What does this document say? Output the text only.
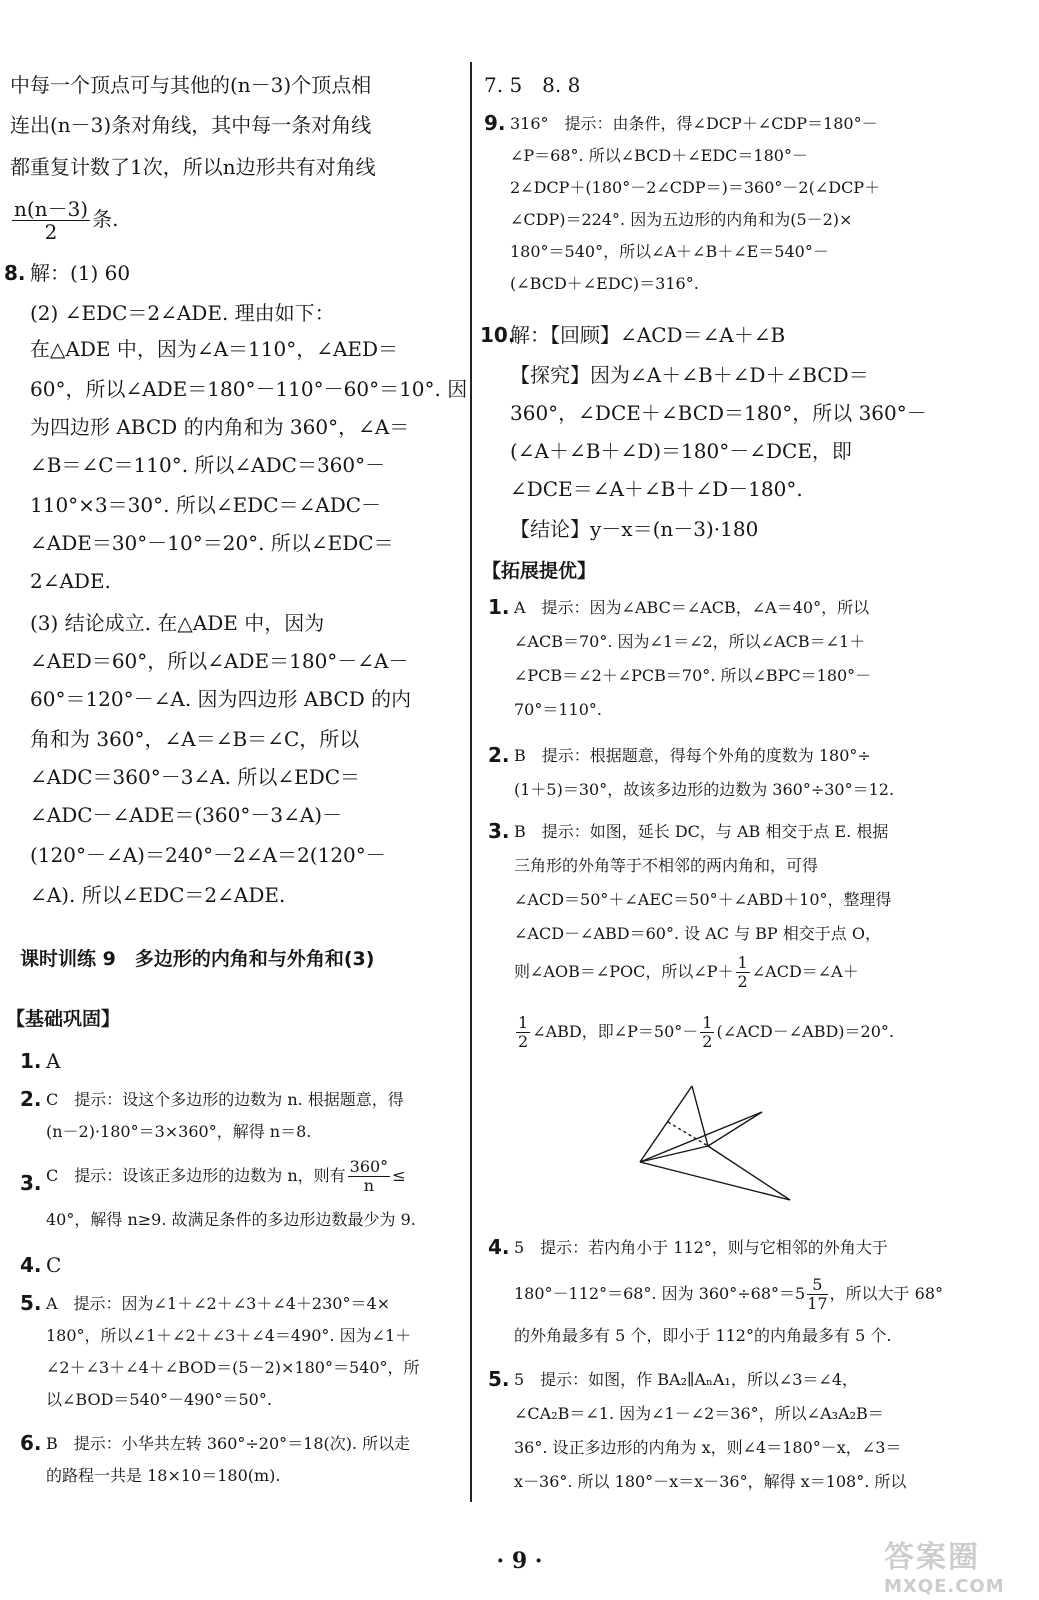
中每一个顶点可与其他的(n－3)个顶点相
连出(n－3)条对角线，其中每一条对角线
都重复计数了1次，所以n边形共有对角线
$\frac{n(n-3)}{2}$ 条.
8. 解：(1) 60
(2) ∠EDC＝2∠ADE. 理由如下：
在△ADE 中，因为∠A＝110°，∠AED＝
60°，所以∠ADE＝180°－110°－60°＝10°. 因
为四边形 ABCD 的内角和为 360°，∠A＝
∠B＝∠C＝110°. 所以∠ADC＝360°－
110°×3＝30°. 所以∠EDC＝∠ADC－
∠ADE＝30°－10°＝20°. 所以∠EDC＝
2∠ADE.
(3) 结论成立. 在△ADE 中，因为
∠AED＝60°，所以∠ADE＝180°－∠A－
60°＝120°－∠A. 因为四边形 ABCD 的内
角和为 360°，∠A＝∠B＝∠C，所以
∠ADC＝360°－3∠A. 所以∠EDC＝
∠ADC－∠ADE＝(360°－3∠A)－
(120°－∠A)＝240°－2∠A＝2(120°－
∠A). 所以∠EDC＝2∠ADE.
课时训练 9　多边形的内角和与外角和(3)
【基础巩固】
1. A
2. C　提示：设这个多边形的边数为 n. 根据题意，得
(n－2)·180°＝3×360°，解得 n＝8.
3. C　提示：设该正多边形的边数为 n，则有 $\frac{360^\circ}{n}$ ≤
40°，解得 n≥9. 故满足条件的多边形边数最少为 9.
4. C
5. A　提示：因为∠1＋∠2＋∠3＋∠4＋230°＝4×
180°，所以∠1＋∠2＋∠3＋∠4＝490°. 因为∠1＋
∠2＋∠3＋∠4＋∠BOD＝(5－2)×180°＝540°，所
以∠BOD＝540°－490°＝50°.
6. B　提示：小华共左转 360°÷20°＝18(次). 所以走
的路程一共是 18×10＝180(m).
7. 5　8. 8
9. 316°　提示：由条件，得∠DCP＋∠CDP＝180°－
∠P＝68°. 所以∠BCD＋∠EDC＝180°－
2∠DCP＋(180°－2∠CDP＝)＝360°－2(∠DCP＋
∠CDP)＝224°. 因为五边形的内角和为(5－2)×
180°＝540°，所以∠A＋∠B＋∠E＝540°－
(∠BCD＋∠EDC)＝316°.
10.
解：【回顾】∠ACD＝∠A＋∠B
【探究】因为∠A＋∠B＋∠D＋∠BCD＝
360°，∠DCE＋∠BCD＝180°，所以 360°－
(∠A＋∠B＋∠D)＝180°－∠DCE，即
∠DCE＝∠A＋∠B＋∠D－180°.
【结论】y－x＝(n－3)·180
【拓展提优】
1. A　提示：因为∠ABC＝∠ACB，∠A＝40°，所以
∠ACB＝70°. 因为∠1＝∠2，所以∠ACB＝∠1＋
∠PCB＝∠2＋∠PCB＝70°. 所以∠BPC＝180°－
70°＝110°.
2. B　提示：根据题意，得每个外角的度数为 180°÷
(1＋5)＝30°，故该多边形的边数为 360°÷30°＝12.
3. B　提示：如图，延长 DC，与 AB 相交于点 E. 根据
三角形的外角等于不相邻的两内角和，可得
∠ACD＝50°＋∠AEC＝50°＋∠ABD＋10°，整理得
∠ACD－∠ABD＝60°. 设 AC 与 BP 相交于点 O，
则∠AOB＝∠POC，所以∠P＋ $\frac{1}{2}$ ∠ACD＝∠A＋
$\frac{1}{2}$ ∠ABD，即∠P＝50°－ $\frac{1}{2}$ (∠ACD－∠ABD)＝20°.
4. 5　提示：若内角小于 112°，则与它相邻的外角大于
180°－112°＝68°. 因为 $360^\circ\div 68^\circ=5 \frac{5}{17}$ ，所以大于 68°
的外角最多有 5 个，即小于 112°的内角最多有 5 个.
5. 5　提示：如图，作 BA₂∥AₙA₁，所以∠3＝∠4，
∠CA₂B＝∠1. 因为∠1－∠2＝36°，所以∠A₃A₂B＝
36°. 设正多边形的内角为 x，则∠4＝180°－x，∠3＝
x－36°. 所以 180°－x＝x－36°，解得 x＝108°. 所以
· 9 ·	答案圈
MXQE.COM
